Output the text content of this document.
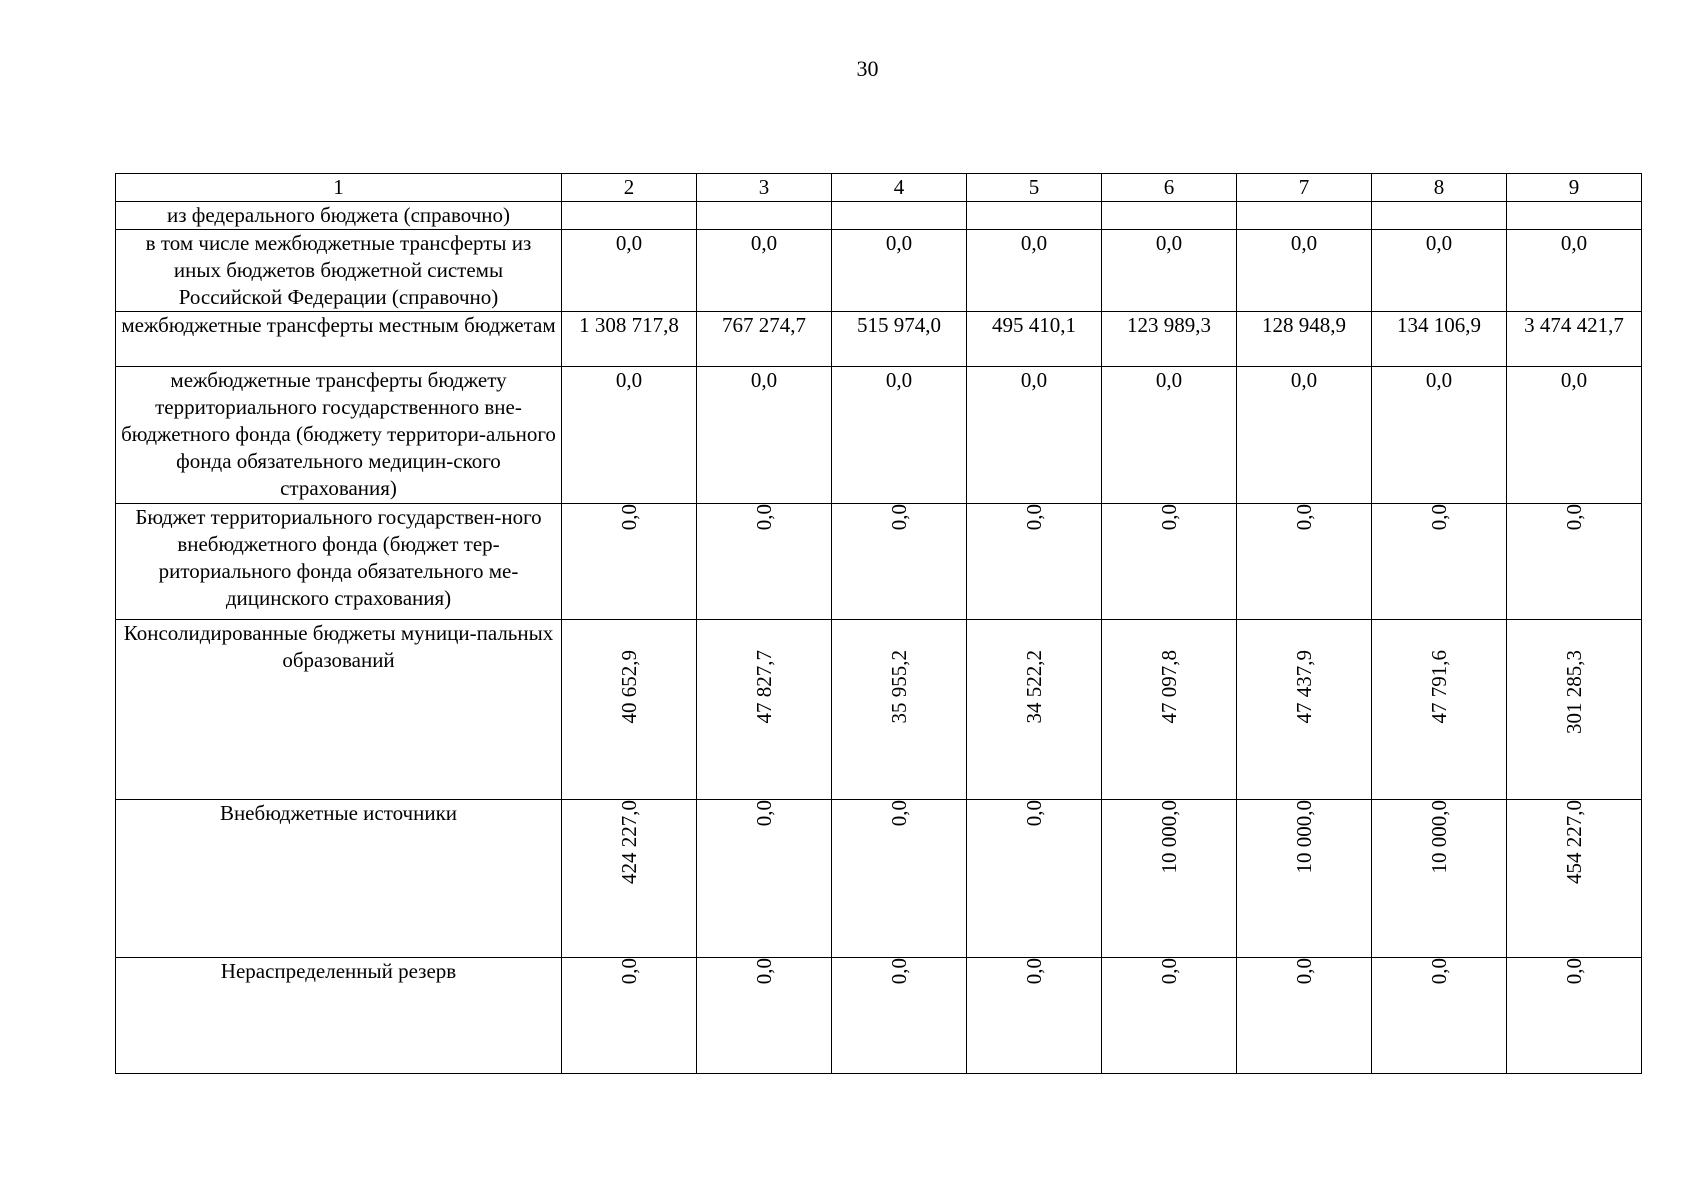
30
1	2	3	4	5	6	7	8	9
из федерального бюджета (справочно)								
в том числе межбюджетные трансферты из иных бюджетов бюджетной системы Российской Федерации (справочно)	0,0	0,0	0,0	0,0	0,0	0,0	0,0	0,0
межбюджетные трансферты местным бюджетам	1 308 717,8	767 274,7	515 974,0	495 410,1	123 989,3	128 948,9	134 106,9	3 474 421,7
межбюджетные трансферты бюджету территориального государственного вне-бюджетного фонда (бюджету территори-ального фонда обязательного медицин-ского страхования)	0,0	0,0	0,0	0,0	0,0	0,0	0,0	0,0
Бюджет территориального государствен-ного внебюджетного фонда (бюджет тер-риториального фонда обязательного ме-дицинского страхования)	0,0	0,0	0,0	0,0	0,0	0,0	0,0	0,0
Консолидированные бюджеты муници-пальных образований	40 652,9	47 827,7	35 955,2	34 522,2	47 097,8	47 437,9	47 791,6	301 285,3
Внебюджетные источники	424 227,0	0,0	0,0	0,0	10 000,0	10 000,0	10 000,0	454 227,0
Нераспределенный резерв	0,0	0,0	0,0	0,0	0,0	0,0	0,0	0,0
